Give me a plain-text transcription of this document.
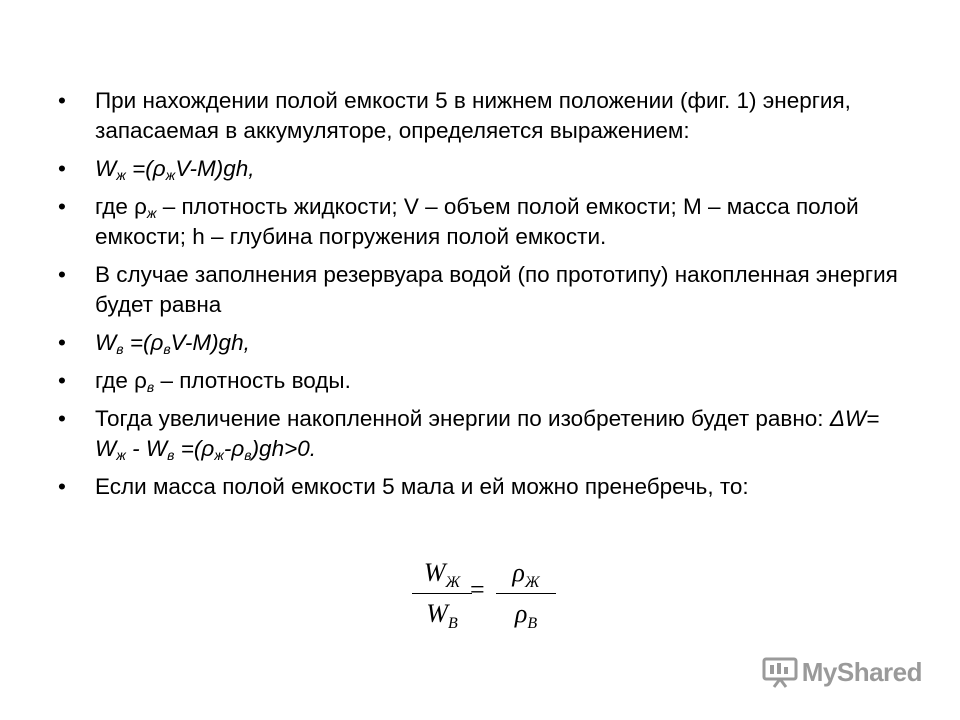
• При нахождении полой емкости 5 в нижнем положении (фиг. 1) энергия, запасаемая в аккумуляторе, определяется выражением:
• $W_ж =(\rho_жV-M)gh$,
• где $\rho_ж$ – плотность жидкости; V – объем полой емкости; M – масса полой емкости; h – глубина погружения полой емкости.
• В случае заполнения резервуара водой (по прототипу) накопленная энергия будет равна
• $W_в =(\rho_вV-M)gh$,
• где $\rho_в$ – плотность воды.
• Тогда увеличение накопленной энергии по изобретению будет равно: $\Delta W= W_ж - W_в =(\rho_ж-\rho_в)gh>0$.
• Если масса полой емкости 5 мала и ей можно пренебречь, то:
$W_Ж$
$W_В$
=
$\rho_Ж$
$\rho_В$
MyShared
